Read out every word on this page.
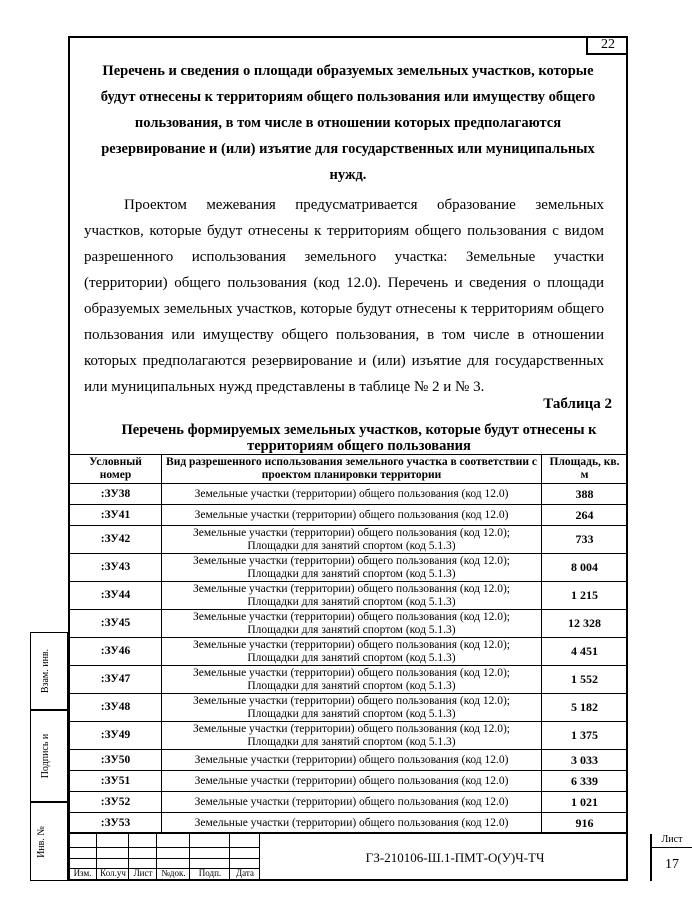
22
Перечень и сведения о площади образуемых земельных участков, которые будут отнесены к территориям общего пользования или имуществу общего пользования, в том числе в отношении которых предполагаются резервирование и (или) изъятие для государственных или муниципальных нужд.

Проектом межевания предусматривается образование земельных участков, которые будут отнесены к территориям общего пользования с видом разрешенного использования земельного участка: Земельные участки (территории) общего пользования (код 12.0). Перечень и сведения о площади образуемых земельных участков, которые будут отнесены к территориям общего пользования или имуществу общего пользования, в том числе в отношении которых предполагаются резервирование и (или) изъятие для государственных или муниципальных нужд представлены в таблице № 2 и № 3.

Таблица 2
Перечень формируемых земельных участков, которые будут отнесены к территориям общего пользования
Условный номер	Вид разрешенного использования земельного участка в соответствии с проектом планировки территории	Площадь, кв. м
:ЗУ38	Земельные участки (территории) общего пользования (код 12.0)	388
:ЗУ41	Земельные участки (территории) общего пользования (код 12.0)	264
:ЗУ42	Земельные участки (территории) общего пользования (код 12.0);
Площадки для занятий спортом (код 5.1.3)	733
:ЗУ43	Земельные участки (территории) общего пользования (код 12.0);
Площадки для занятий спортом (код 5.1.3)	8 004
:ЗУ44	Земельные участки (территории) общего пользования (код 12.0);
Площадки для занятий спортом (код 5.1.3)	1 215
:ЗУ45	Земельные участки (территории) общего пользования (код 12.0);
Площадки для занятий спортом (код 5.1.3)	12 328
:ЗУ46	Земельные участки (территории) общего пользования (код 12.0);
Площадки для занятий спортом (код 5.1.3)	4 451
:ЗУ47	Земельные участки (территории) общего пользования (код 12.0);
Площадки для занятий спортом (код 5.1.3)	1 552
:ЗУ48	Земельные участки (территории) общего пользования (код 12.0);
Площадки для занятий спортом (код 5.1.3)	5 182
:ЗУ49	Земельные участки (территории) общего пользования (код 12.0);
Площадки для занятий спортом (код 5.1.3)	1 375
:ЗУ50	Земельные участки (территории) общего пользования (код 12.0)	3 033
:ЗУ51	Земельные участки (территории) общего пользования (код 12.0)	6 339
:ЗУ52	Земельные участки (территории) общего пользования (код 12.0)	1 021
:ЗУ53	Земельные участки (территории) общего пользования (код 12.0)	916
Взам. инв.
Подпись и
Инв. №
Изм. Кол.уч Лист №док.	Подп.	Дата
ГЗ-210106-Ш.1-ПМТ-О(У)Ч-ТЧ
Лист
17
